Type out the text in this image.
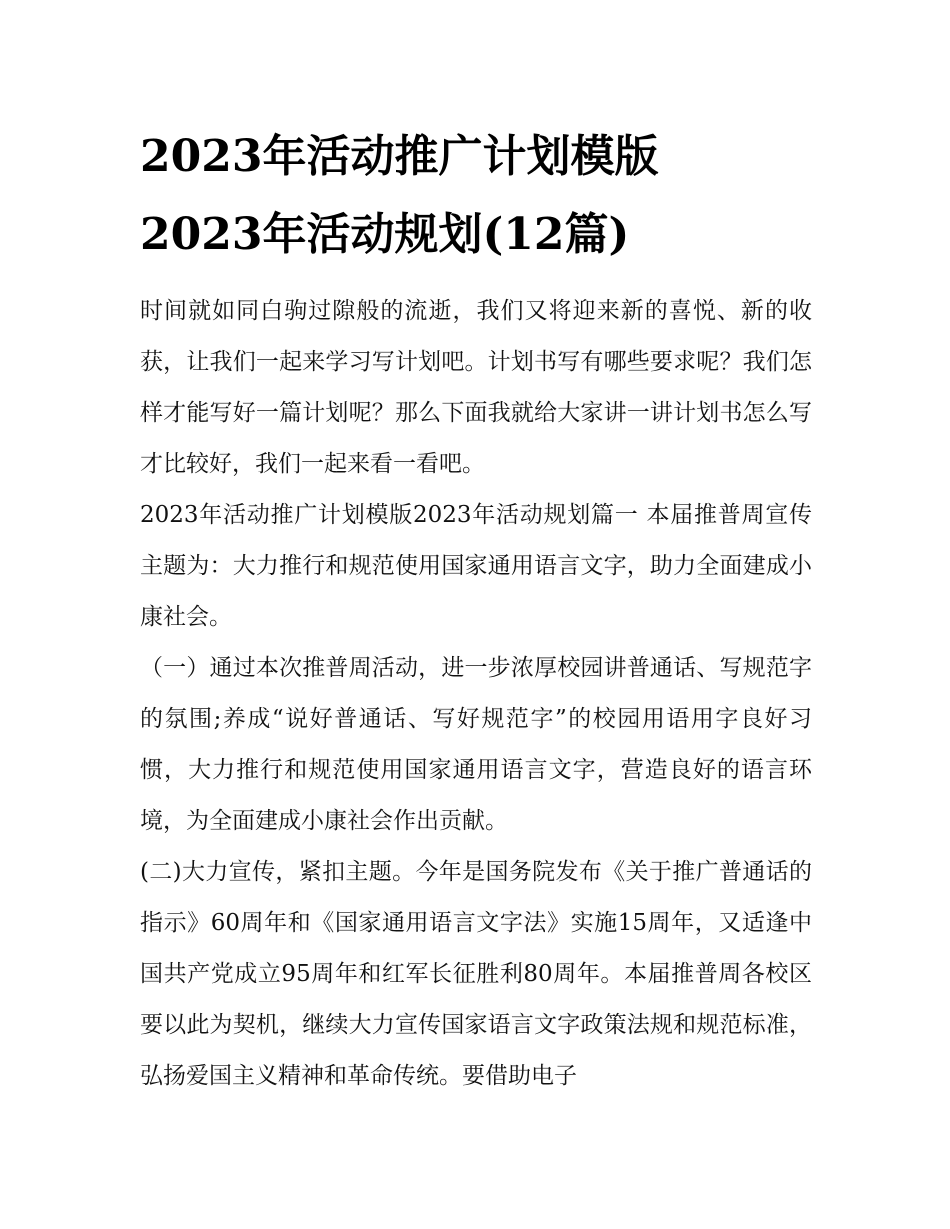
2023年活动推广计划模版
2023年活动规划(12篇)

时间就如同白驹过隙般的流逝，我们又将迎来新的喜悦、新的收获，让我们一起来学习写计划吧。计划书写有哪些要求呢？我们怎样才能写好一篇计划呢？那么下面我就给大家讲一讲计划书怎么写才比较好，我们一起来看一看吧。

2023年活动推广计划模版2023年活动规划篇一 本届推普周宣传主题为：大力推行和规范使用国家通用语言文字，助力全面建成小康社会。

（一）通过本次推普周活动，进一步浓厚校园讲普通话、写规范字的氛围;养成“说好普通话、写好规范字”的校园用语用字良好习惯，大力推行和规范使用国家通用语言文字，营造良好的语言环境，为全面建成小康社会作出贡献。

(二)大力宣传，紧扣主题。今年是国务院发布《关于推广普通话的指示》60周年和《国家通用语言文字法》实施15周年，又适逢中国共产党成立95周年和红军长征胜利80周年。本届推普周各校区要以此为契机，继续大力宣传国家语言文字政策法规和规范标准，弘扬爱国主义精神和革命传统。要借助电子
